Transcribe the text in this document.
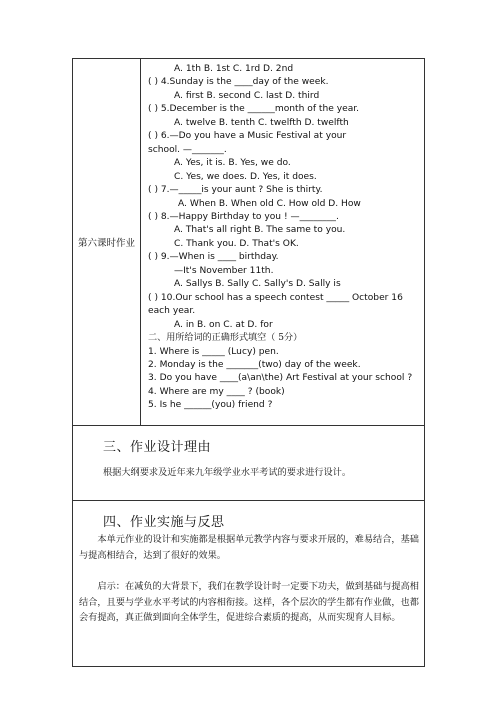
第六课时作业
A. 1th B. 1st C. 1rd D. 2nd
( ) 4.Sunday is the ____day of the week.
A. first B. second C. last D. third
( ) 5.December is the ______month of the year.
A. twelve B. tenth C. twelfth D. twelfth
( ) 6.—Do you have a Music Festival at your
school. —_______.
A. Yes, it is. B. Yes, we do.
C. Yes, we does. D. Yes, it does.
( ) 7.—_____is your aunt ? She is thirty.
A. When B. When old C. How old D. How
( ) 8.—Happy Birthday to you ! —________.
A. That's all right B. The same to you.
C. Thank you. D. That's OK.
( ) 9.—When is ____ birthday.
—It's November 11th.
A. Sallys B. Sally C. Sally's D. Sally is
( ) 10.Our school has a speech contest _____ October 16 each year.
A. in B. on C. at D. for
二、用所给词的正确形式填空（ 5分）
1. Where is _____ (Lucy) pen.
2. Monday is the _______(two) day of the week.
3. Do you have ____(a\an\the) Art Festival at your school ?
4. Where are my ____ ? (book)
5. Is he ______(you) friend ?
三、作业设计理由
根据大纲要求及近年来九年级学业水平考试的要求进行设计。
四、作业实施与反思
本单元作业的设计和实施都是根据单元教学内容与要求开展的，难易结合，基础与提高相结合，达到了很好的效果。
启示：在减负的大背景下，我们在教学设计时一定要下功夫，做到基础与提高相结合，且要与学业水平考试的内容相衔接。这样，各个层次的学生都有作业做，也都会有提高，真正做到面向全体学生，促进综合素质的提高，从而实现育人目标。
